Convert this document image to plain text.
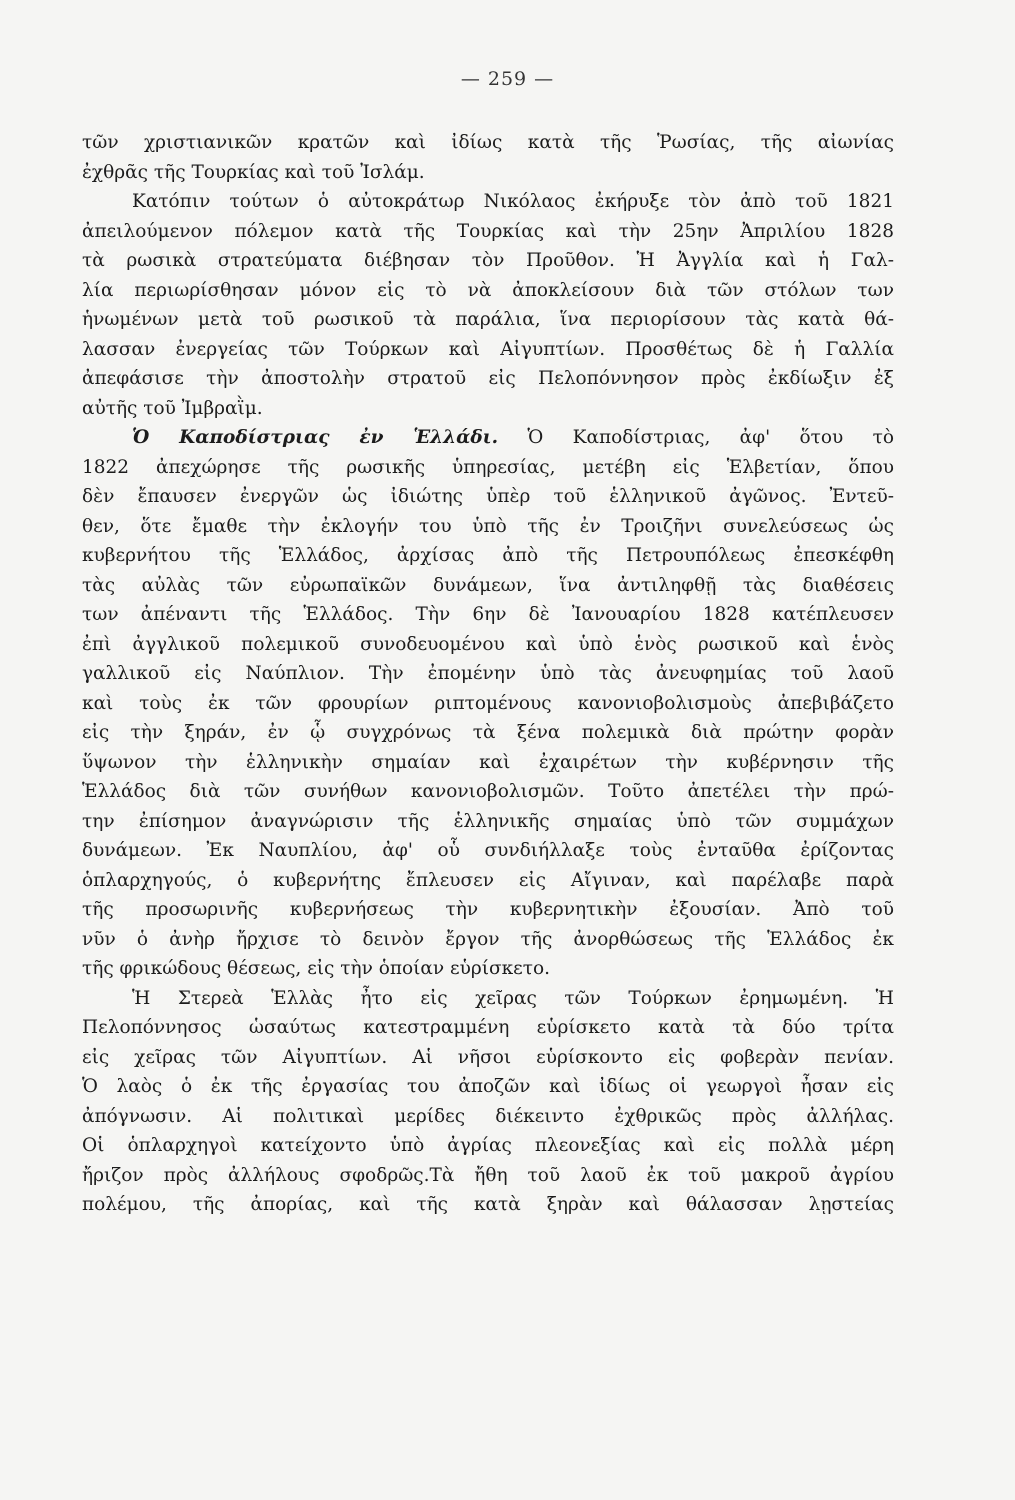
— 259 —
τῶν χριστιανικῶν κρατῶν καὶ ἰδίως κατὰ τῆς Ῥωσίας, τῆς αἰωνίας
ἐχθρᾶς τῆς Τουρκίας καὶ τοῦ Ἰσλάμ.
Κατόπιν τούτων ὁ αὐτοκράτωρ Νικόλαος ἐκήρυξε τὸν ἀπὸ τοῦ 1821
ἀπειλούμενον πόλεμον κατὰ τῆς Τουρκίας καὶ τὴν 25ην Ἀπριλίου 1828
τὰ ρωσικὰ στρατεύματα διέβησαν τὸν Προῦθον. Ἡ Ἀγγλία καὶ ἡ Γαλ-
λία περιωρίσθησαν μόνον εἰς τὸ νὰ ἀποκλείσουν διὰ τῶν στόλων των
ἡνωμένων μετὰ τοῦ ρωσικοῦ τὰ παράλια, ἵνα περιορίσουν τὰς κατὰ θά-
λασσαν ἐνεργείας τῶν Τούρκων καὶ Αἰγυπτίων. Προσθέτως δὲ ἡ Γαλλία
ἀπεφάσισε τὴν ἀποστολὴν στρατοῦ εἰς Πελοπόννησον πρὸς ἐκδίωξιν ἐξ
αὐτῆς τοῦ Ἰμβραῒμ.
Ὁ Καποδίστριας ἐν Ἑλλάδι. Ὁ Καποδίστριας, ἀφ' ὅτου τὸ
1822 ἀπεχώρησε τῆς ρωσικῆς ὑπηρεσίας, μετέβη εἰς Ἑλβετίαν, ὅπου
δὲν ἔπαυσεν ἐνεργῶν ὡς ἰδιώτης ὑπὲρ τοῦ ἑλληνικοῦ ἀγῶνος. Ἐντεῦ-
θεν, ὅτε ἔμαθε τὴν ἐκλογήν του ὑπὸ τῆς ἐν Τροιζῆνι συνελεύσεως ὡς
κυβερνήτου τῆς Ἑλλάδος, ἀρχίσας ἀπὸ τῆς Πετρουπόλεως ἐπεσκέφθη
τὰς αὐλὰς τῶν εὐρωπαϊκῶν δυνάμεων, ἵνα ἀντιληφθῇ τὰς διαθέσεις
των ἀπέναντι τῆς Ἑλλάδος. Τὴν 6ην δὲ Ἰανουαρίου 1828 κατέπλευσεν
ἐπὶ ἀγγλικοῦ πολεμικοῦ συνοδευομένου καὶ ὑπὸ ἑνὸς ρωσικοῦ καὶ ἑνὸς
γαλλικοῦ εἰς Ναύπλιον. Τὴν ἐπομένην ὑπὸ τὰς ἀνευφημίας τοῦ λαοῦ
καὶ τοὺς ἐκ τῶν φρουρίων ριπτομένους κανονιοβολισμοὺς ἀπεβιβάζετο
εἰς τὴν ξηράν, ἐν ᾧ συγχρόνως τὰ ξένα πολεμικὰ διὰ πρώτην φορὰν
ὕψωνον τὴν ἑλληνικὴν σημαίαν καὶ ἐχαιρέτων τὴν κυβέρνησιν τῆς
Ἑλλάδος διὰ τῶν συνήθων κανονιοβολισμῶν. Τοῦτο ἀπετέλει τὴν πρώ-
την ἐπίσημον ἀναγνώρισιν τῆς ἑλληνικῆς σημαίας ὑπὸ τῶν συμμάχων
δυνάμεων. Ἐκ Ναυπλίου, ἀφ' οὗ συνδιήλλαξε τοὺς ἐνταῦθα ἐρίζοντας
ὁπλαρχηγούς, ὁ κυβερνήτης ἔπλευσεν εἰς Αἴγιναν, καὶ παρέλαβε παρὰ
τῆς προσωρινῆς κυβερνήσεως τὴν κυβερνητικὴν ἐξουσίαν. Ἀπὸ τοῦ
νῦν ὁ ἀνὴρ ἤρχισε τὸ δεινὸν ἔργον τῆς ἀνορθώσεως τῆς Ἑλλάδος ἐκ
τῆς φρικώδους θέσεως, εἰς τὴν ὁποίαν εὑρίσκετο.
Ἡ Στερεὰ Ἑλλὰς ἦτο εἰς χεῖρας τῶν Τούρκων ἐρημωμένη. Ἡ
Πελοπόννησος ὡσαύτως κατεστραμμένη εὑρίσκετο κατὰ τὰ δύο τρίτα
εἰς χεῖρας τῶν Αἰγυπτίων. Αἱ νῆσοι εὑρίσκοντο εἰς φοβερὰν πενίαν.
Ὁ λαὸς ὁ ἐκ τῆς ἐργασίας του ἀποζῶν καὶ ἰδίως οἱ γεωργοὶ ἦσαν εἰς
ἀπόγνωσιν. Αἱ πολιτικαὶ μερίδες διέκειντο ἐχθρικῶς πρὸς ἀλλήλας.
Οἱ ὁπλαρχηγοὶ κατείχοντο ὑπὸ ἀγρίας πλεονεξίας καὶ εἰς πολλὰ μέρη
ἤριζον πρὸς ἀλλήλους σφοδρῶς.Τὰ ἤθη τοῦ λαοῦ ἐκ τοῦ μακροῦ ἀγρίου
πολέμου, τῆς ἀπορίας, καὶ τῆς κατὰ ξηρὰν καὶ θάλασσαν λῃστείας
